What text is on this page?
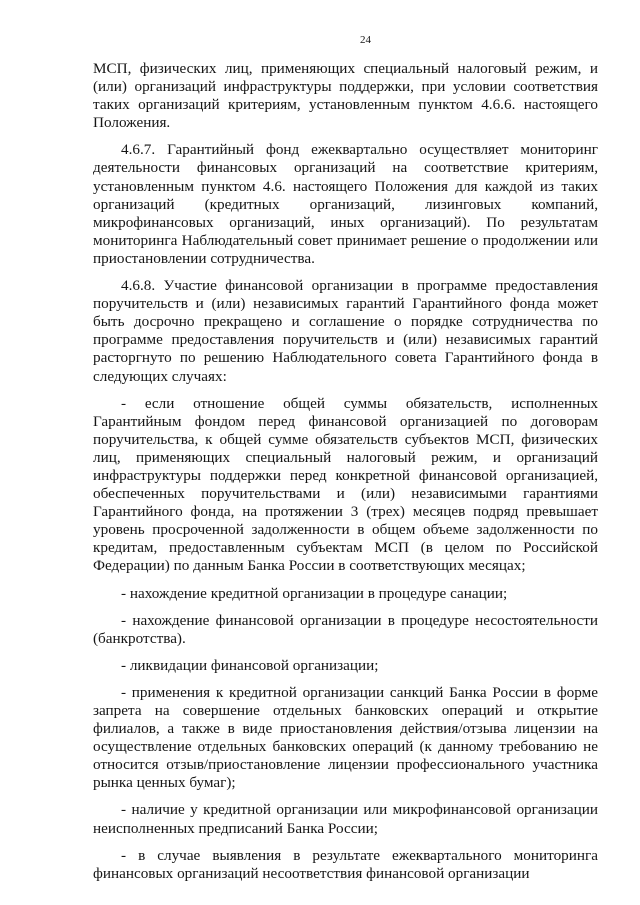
24

МСП, физических лиц, применяющих специальный налоговый режим, и (или) организаций инфраструктуры поддержки, при условии соответствия таких организаций критериям, установленным пунктом 4.6.6. настоящего Положения.

4.6.7. Гарантийный фонд ежеквартально осуществляет мониторинг деятельности финансовых организаций на соответствие критериям, установленным пунктом 4.6. настоящего Положения для каждой из таких организаций (кредитных организаций, лизинговых компаний, микрофинансовых организаций, иных организаций). По результатам мониторинга Наблюдательный совет принимает решение о продолжении или приостановлении сотрудничества.

4.6.8. Участие финансовой организации в программе предоставления поручительств и (или) независимых гарантий Гарантийного фонда может быть досрочно прекращено и соглашение о порядке сотрудничества по программе предоставления поручительств и (или) независимых гарантий расторгнуто по решению Наблюдательного совета Гарантийного фонда в следующих случаях:

- если отношение общей суммы обязательств, исполненных Гарантийным фондом перед финансовой организацией по договорам поручительства, к общей сумме обязательств субъектов МСП, физических лиц, применяющих специальный налоговый режим, и организаций инфраструктуры поддержки перед конкретной финансовой организацией, обеспеченных поручительствами и (или) независимыми гарантиями Гарантийного фонда, на протяжении 3 (трех) месяцев подряд превышает уровень просроченной задолженности в общем объеме задолженности по кредитам, предоставленным субъектам МСП (в целом по Российской Федерации) по данным Банка России в соответствующих месяцах;

- нахождение кредитной организации в процедуре санации;

- нахождение финансовой организации в процедуре несостоятельности (банкротства).

- ликвидации финансовой организации;

- применения к кредитной организации санкций Банка России в форме запрета на совершение отдельных банковских операций и открытие филиалов, а также в виде приостановления действия/отзыва лицензии на осуществление отдельных банковских операций (к данному требованию не относится отзыв/приостановление лицензии профессионального участника рынка ценных бумаг);

- наличие у кредитной организации или микрофинансовой организации неисполненных предписаний Банка России;

- в случае выявления в результате ежеквартального мониторинга финансовых организаций несоответствия финансовой организации
